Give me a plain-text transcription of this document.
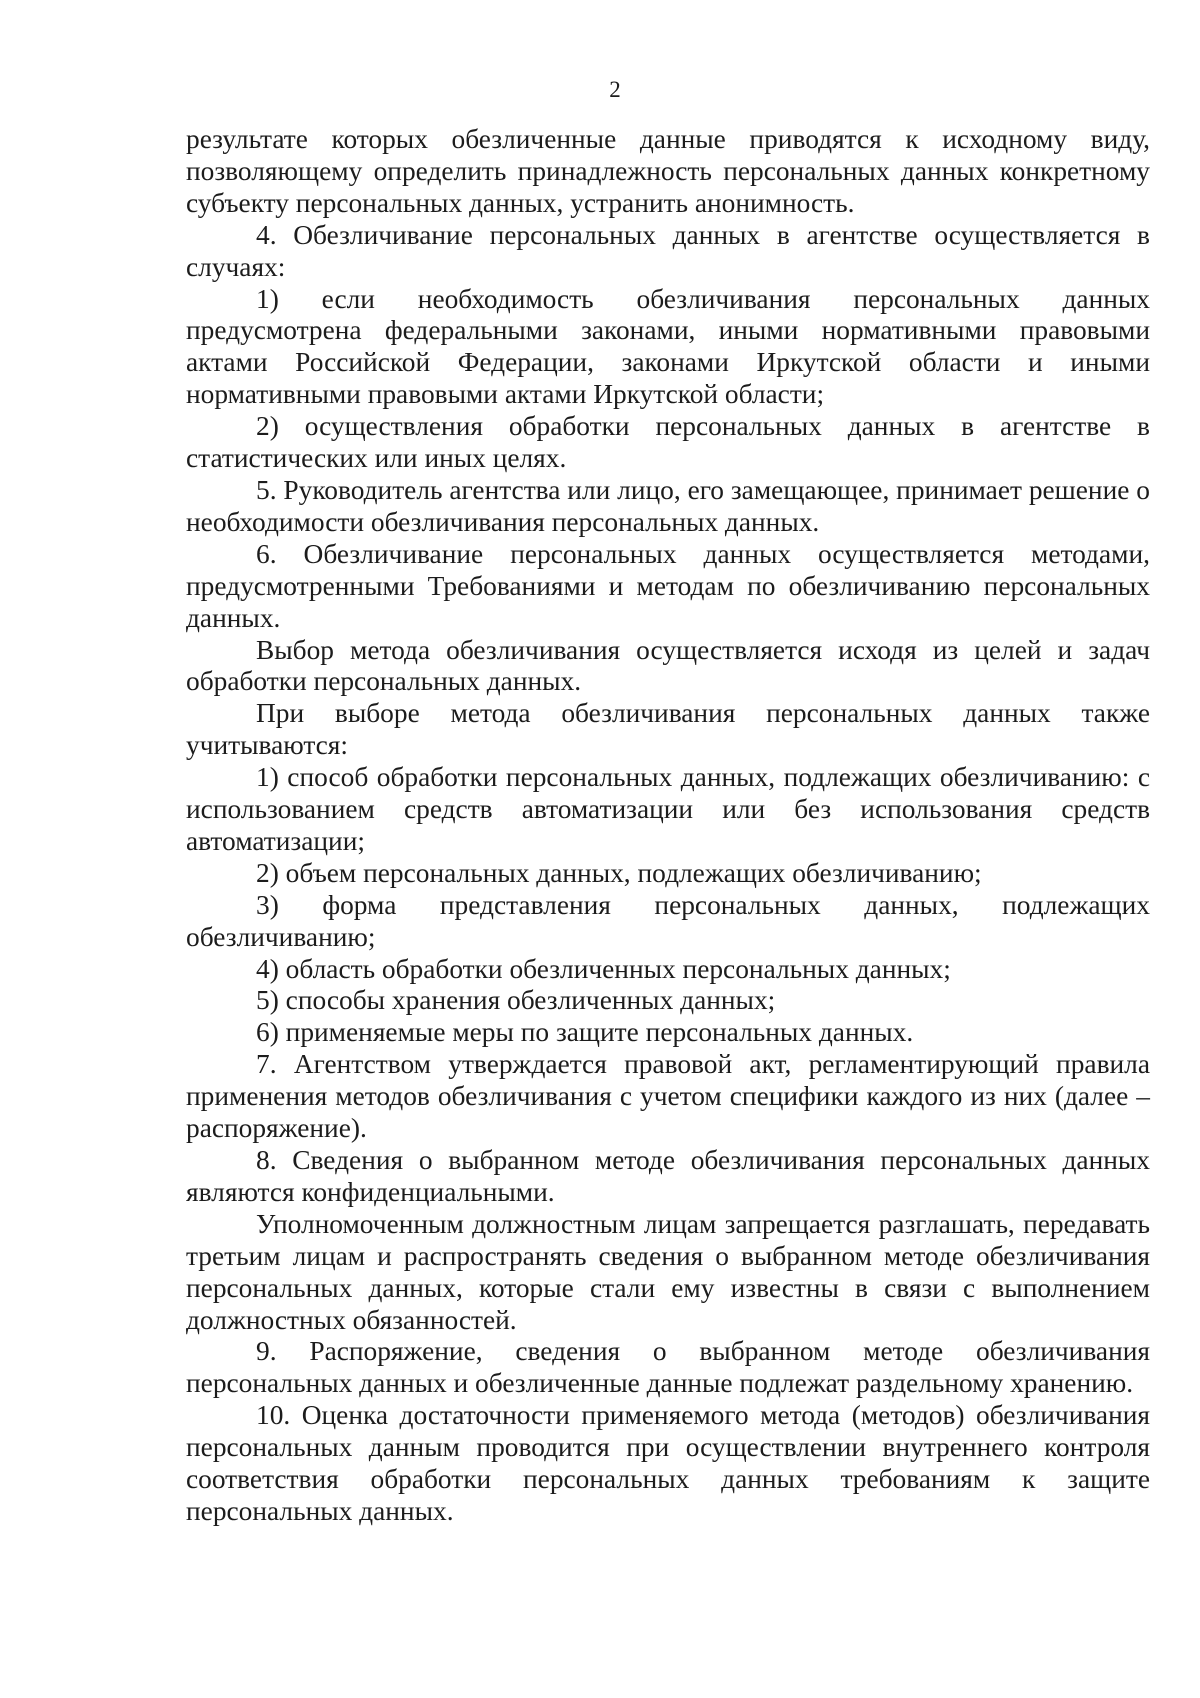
2

результате которых обезличенные данные приводятся к исходному виду, позволяющему определить принадлежность персональных данных конкретному субъекту персональных данных, устранить анонимность.

4. Обезличивание персональных данных в агентстве осуществляется в случаях:

1) если необходимость обезличивания персональных данных предусмотрена федеральными законами, иными нормативными правовыми актами Российской Федерации, законами Иркутской области и иными нормативными правовыми актами Иркутской области;

2) осуществления обработки персональных данных в агентстве в статистических или иных целях.

5. Руководитель агентства или лицо, его замещающее, принимает решение о необходимости обезличивания персональных данных.

6. Обезличивание персональных данных осуществляется методами, предусмотренными Требованиями и методам по обезличиванию персональных данных.

Выбор метода обезличивания осуществляется исходя из целей и задач обработки персональных данных.

При выборе метода обезличивания персональных данных также учитываются:

1) способ обработки персональных данных, подлежащих обезличиванию: с использованием средств автоматизации или без использования средств автоматизации;

2) объем персональных данных, подлежащих обезличиванию;

3) форма представления персональных данных, подлежащих обезличиванию;

4) область обработки обезличенных персональных данных;

5) способы хранения обезличенных данных;

6) применяемые меры по защите персональных данных.

7. Агентством утверждается правовой акт, регламентирующий правила применения методов обезличивания с учетом специфики каждого из них (далее – распоряжение).

8. Сведения о выбранном методе обезличивания персональных данных являются конфиденциальными.

Уполномоченным должностным лицам запрещается разглашать, передавать третьим лицам и распространять сведения о выбранном методе обезличивания персональных данных, которые стали ему известны в связи с выполнением должностных обязанностей.

9. Распоряжение, сведения о выбранном методе обезличивания персональных данных и обезличенные данные подлежат раздельному хранению.

10. Оценка достаточности применяемого метода (методов) обезличивания персональных данным проводится при осуществлении внутреннего контроля соответствия обработки персональных данных требованиям к защите персональных данных.
